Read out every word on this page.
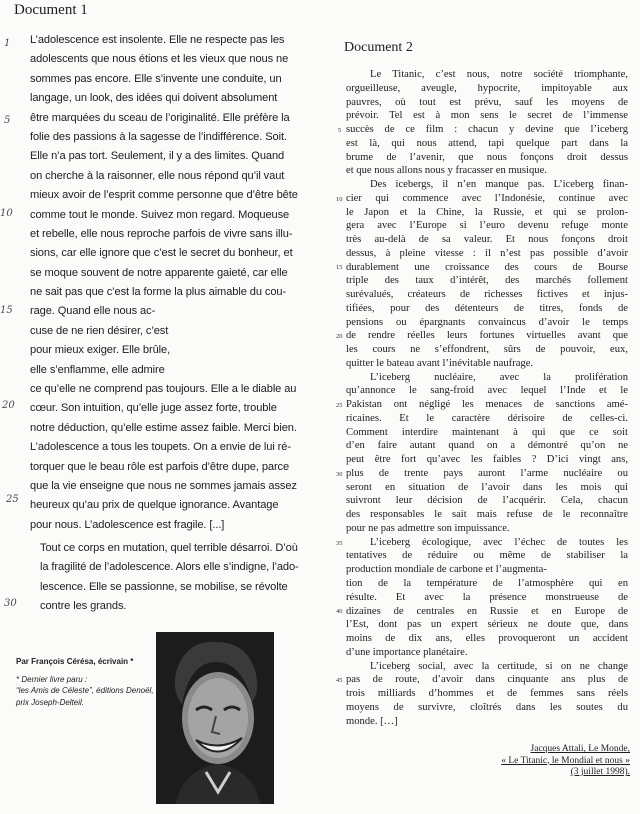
Document 1
L’adolescence est insolente. Elle ne respecte pas les
adolescents que nous étions et les vieux que nous ne
sommes pas encore. Elle s’invente une conduite, un
langage, un look, des idées qui doivent absolument
être marquées du sceau de l’originalité. Elle préfère la
folie des passions à la sagesse de l’indifférence. Soit.
Elle n’a pas tort. Seulement, il y a des limites. Quand
on cherche à la raisonner, elle nous répond qu’il vaut
mieux avoir de l’esprit comme personne que d’être bête
comme tout le monde. Suivez mon regard. Moqueuse
et rebelle, elle nous reproche parfois de vivre sans illu-
sions, car elle ignore que c’est le secret du bonheur, et
se moque souvent de notre apparente gaieté, car elle
ne sait pas que c’est la forme la plus aimable du cou-
rage. Quand elle nous ac-
cuse de ne rien désirer, c’est
pour mieux exiger. Elle brûle,
elle s’enflamme, elle admire
ce qu’elle ne comprend pas toujours. Elle a le diable au
cœur. Son intuition, qu’elle juge assez forte, trouble
notre déduction, qu’elle estime assez faible. Merci bien.
L’adolescence a tous les toupets. On a envie de lui ré-
torquer que le beau rôle est parfois d’être dupe, parce
que la vie enseigne que nous ne sommes jamais assez
heureux qu’au prix de quelque ignorance. Avantage
pour nous. L’adolescence est fragile. [...]
Tout ce corps en mutation, quel terrible désarroi. D’où
la fragilité de l’adolescence. Alors elle s’indigne, l’ado-
lescence. Elle se passionne, se mobilise, se révolte
contre les grands.
1
5
10
15
20
25
30
Document 2
Le Titanic, c’est nous, notre société triomphante,
orgueilleuse, aveugle, hypocrite, impitoyable aux
pauvres, où tout est prévu, sauf les moyens de
prévoir. Tel est à mon sens le secret de l’immense
succès de ce film : chacun y devine que l’iceberg
est là, qui nous attend, tapi quelque part dans la
brume de l’avenir, que nous fonçons droit dessus
et que nous allons nous y fracasser en musique.
Des icebergs, il n’en manque pas. L’iceberg finan-
cier qui commence avec l’Indonésie, continue avec
le Japon et la Chine, la Russie, et qui se prolon-
gera avec l’Europe si l’euro devenu refuge monte
très au-delà de sa valeur. Et nous fonçons droit
dessus, à pleine vitesse : il n’est pas possible d’avoir
durablement une croissance des cours de Bourse
triple des taux d’intérêt, des marchés follement
surévalués, créateurs de richesses fictives et injus-
tifiées, pour des détenteurs de titres, fonds de
pensions ou épargnants convaincus d’avoir le temps
de rendre réelles leurs fortunes virtuelles avant que
les cours ne s’effondrent, sûrs de pouvoir, eux,
quitter le bateau avant l’inévitable naufrage.
L’iceberg nucléaire, avec la prolifération
qu’annonce le sang-froid avec lequel l’Inde et le
Pakistan ont négligé les menaces de sanctions amé-
ricaines. Et le caractère dérisoire de celles-ci.
Comment interdire maintenant à qui que ce soit
d’en faire autant quand on a démontré qu’on ne
peut être fort qu’avec les faibles ? D’ici vingt ans,
plus de trente pays auront l’arme nucléaire ou
seront en situation de l’avoir dans les mois qui
suivront leur décision de l’acquérir. Cela, chacun
des responsables le sait mais refuse de le reconnaître
pour ne pas admettre son impuissance.
L’iceberg écologique, avec l’échec de toutes les
tentatives de réduire ou même de stabiliser la
production mondiale de carbone et l’augmenta-
tion de la température de l’atmosphère qui en
résulte. Et avec la présence monstrueuse de
dizaines de centrales en Russie et en Europe de
l’Est, dont pas un expert sérieux ne doute que, dans
moins de dix ans, elles provoqueront un accident
d’une importance planétaire.
L’iceberg social, avec la certitude, si on ne change
pas de route, d’avoir dans cinquante ans plus de
trois milliards d’hommes et de femmes sans réels
moyens de survivre, cloîtrés dans les soutes du
monde. […]
5
10
15
20
25
30
35
40
45
Par François Cérésa, écrivain *
* Dernier livre paru :
“les Amis de Céleste”, éditions Denoël,
prix Joseph-Delteil.
Jacques Attali, Le Monde,
« Le Titanic, le Mondial et nous »
(3 juillet 1998).
